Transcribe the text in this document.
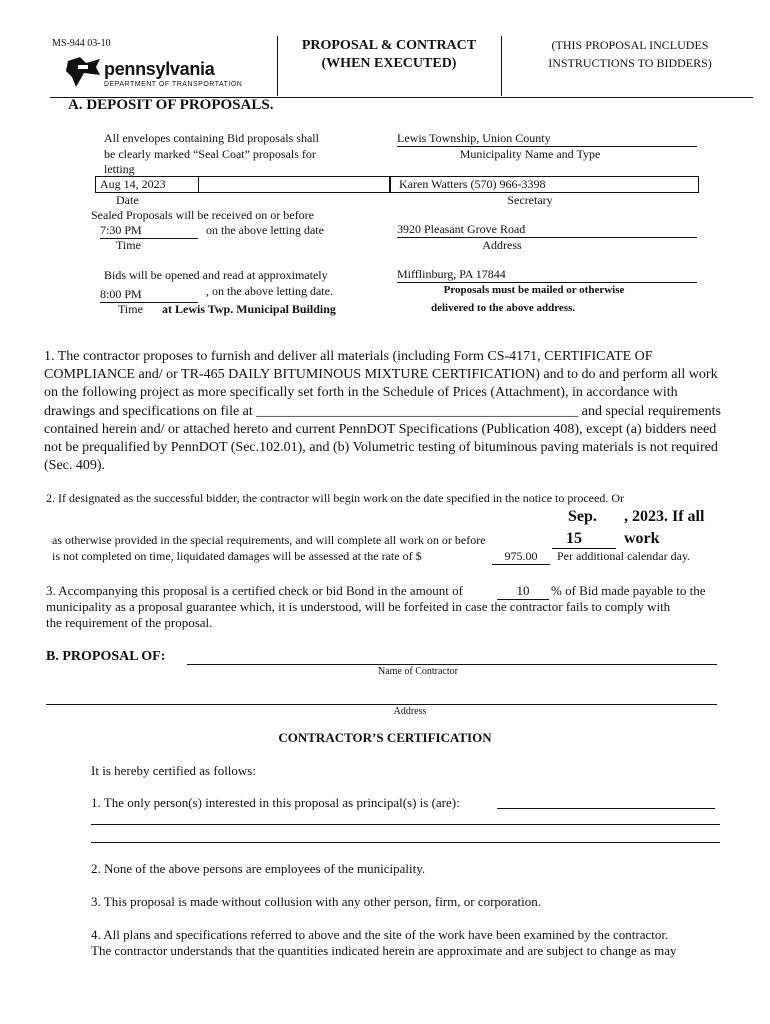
MS-944 03-10
pennsylvania
DEPARTMENT OF TRANSPORTATION
PROPOSAL & CONTRACT
(WHEN EXECUTED)
(THIS PROPOSAL INCLUDES
INSTRUCTIONS TO BIDDERS)
A. DEPOSIT OF PROPOSALS.
All envelopes containing Bid proposals shall
be clearly marked “Seal Coat” proposals for
letting
Aug 14, 2023
Date
Sealed Proposals will be received on or before
7:30 PM	on the above letting date
Time
Bids will be opened and read at approximately
8:00 PM	, on the above letting date.
Time at Lewis Twp. Municipal Building
Lewis Township, Union County
Municipality Name and Type
Karen Watters (570) 966-3398
Secretary
3920 Pleasant Grove Road
Address
Mifflinburg, PA 17844
Proposals must be mailed or otherwise
delivered to the above address.
1. The contractor proposes to furnish and deliver all materials (including Form CS-4171, CERTIFICATE OF COMPLIANCE and/ or TR-465 DAILY BITUMINOUS MIXTURE CERTIFICATION) and to do and perform all work on the following project as more specifically set forth in the Schedule of Prices (Attachment), in accordance with drawings and specifications on file at ______________________________________________ and special requirements contained herein and/ or attached hereto and current PennDOT Specifications (Publication 408), except (a) bidders need not be prequalified by PennDOT (Sec.102.01), and (b) Volumetric testing of bituminous paving materials is not required (Sec. 409).
2. If designated as the successful bidder, the contractor will begin work on the date specified in the notice to proceed. Or
Sep. , 2023. If all
as otherwise provided in the special requirements, and will complete all work on or before	15	work
is not completed on time, liquidated damages will be assessed at the rate of $	975.00	Per additional calendar day.
3. Accompanying this proposal is a certified check or bid Bond in the amount of	10	% of Bid made payable to the
municipality as a proposal guarantee which, it is understood, will be forfeited in case the contractor fails to comply with
the requirement of the proposal.
B. PROPOSAL OF:
Name of Contractor
Address
CONTRACTOR’S CERTIFICATION
It is hereby certified as follows:
1. The only person(s) interested in this proposal as principal(s) is (are):
2. None of the above persons are employees of the municipality.
3. This proposal is made without collusion with any other person, firm, or corporation.
4. All plans and specifications referred to above and the site of the work have been examined by the contractor.
The contractor understands that the quantities indicated herein are approximate and are subject to change as may
